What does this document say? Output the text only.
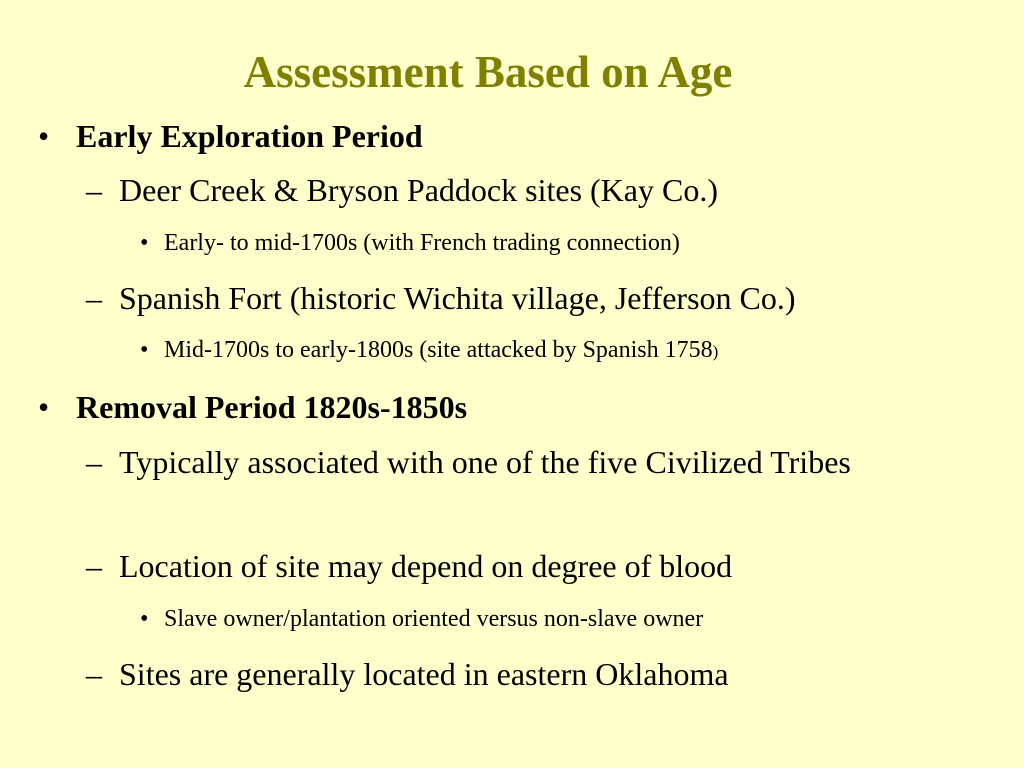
Assessment Based on Age
• Early Exploration Period
– Deer Creek & Bryson Paddock sites (Kay Co.)
• Early- to mid-1700s (with French trading connection)
– Spanish Fort (historic Wichita village, Jefferson Co.)
• Mid-1700s to early-1800s (site attacked by Spanish 1758)
• Removal Period 1820s-1850s
– Typically associated with one of the five Civilized Tribes
– Location of site may depend on degree of blood
• Slave owner/plantation oriented versus non-slave owner
– Sites are generally located in eastern Oklahoma
